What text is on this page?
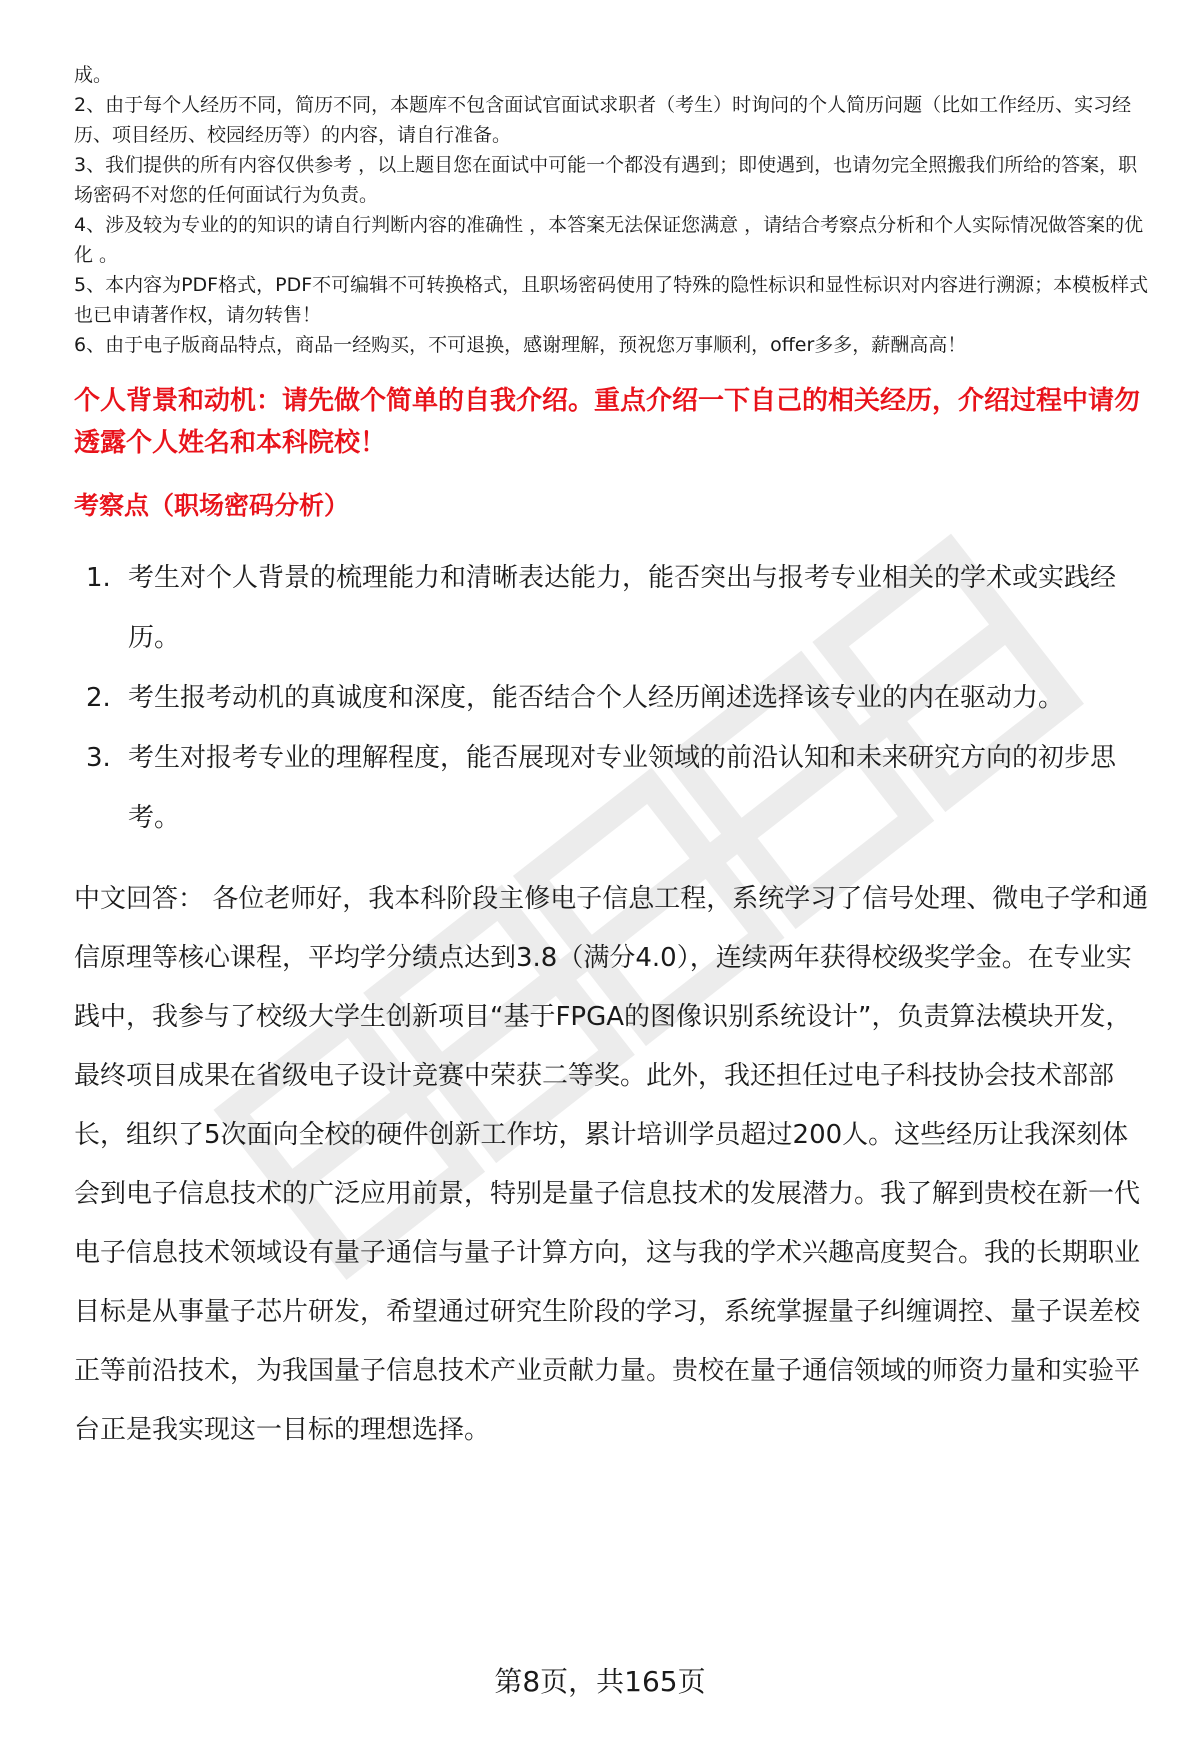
成。

2、由于每个人经历不同，简历不同，本题库不包含面试官面试求职者（考生）时询问的个人简历问题（比如工作经历、实习经历、项目经历、校园经历等）的内容，请自行准备。

3、我们提供的所有内容仅供参考 ，以上题目您在面试中可能一个都没有遇到；即使遇到，也请勿完全照搬我们所给的答案，职场密码不对您的任何面试行为负责。

4、涉及较为专业的的知识的请自行判断内容的准确性 ，本答案无法保证您满意 ，请结合考察点分析和个人实际情况做答案的优化 。

5、本内容为PDF格式，PDF不可编辑不可转换格式，且职场密码使用了特殊的隐性标识和显性标识对内容进行溯源；本模板样式也已申请著作权，请勿转售！

6、由于电子版商品特点，商品一经购买，不可退换，感谢理解，预祝您万事顺利，offer多多，薪酬高高！

个人背景和动机：请先做个简单的自我介绍。重点介绍一下自己的相关经历，介绍过程中请勿透露个人姓名和本科院校！

考察点（职场密码分析）

1. 考生对个人背景的梳理能力和清晰表达能力，能否突出与报考专业相关的学术或实践经历。
2. 考生报考动机的真诚度和深度，能否结合个人经历阐述选择该专业的内在驱动力。
3. 考生对报考专业的理解程度，能否展现对专业领域的前沿认知和未来研究方向的初步思考。

中文回答： 各位老师好，我本科阶段主修电子信息工程，系统学习了信号处理、微电子学和通信原理等核心课程，平均学分绩点达到3.8（满分4.0），连续两年获得校级奖学金。在专业实践中，我参与了校级大学生创新项目“基于FPGA的图像识别系统设计”，负责算法模块开发，最终项目成果在省级电子设计竞赛中荣获二等奖。此外，我还担任过电子科技协会技术部部长，组织了5次面向全校的硬件创新工作坊，累计培训学员超过200人。这些经历让我深刻体会到电子信息技术的广泛应用前景，特别是量子信息技术的发展潜力。我了解到贵校在新一代电子信息技术领域设有量子通信与量子计算方向，这与我的学术兴趣高度契合。我的长期职业目标是从事量子芯片研发，希望通过研究生阶段的学习，系统掌握量子纠缠调控、量子误差校正等前沿技术，为我国量子信息技术产业贡献力量。贵校在量子通信领域的师资力量和实验平台正是我实现这一目标的理想选择。

第8页，共165页
